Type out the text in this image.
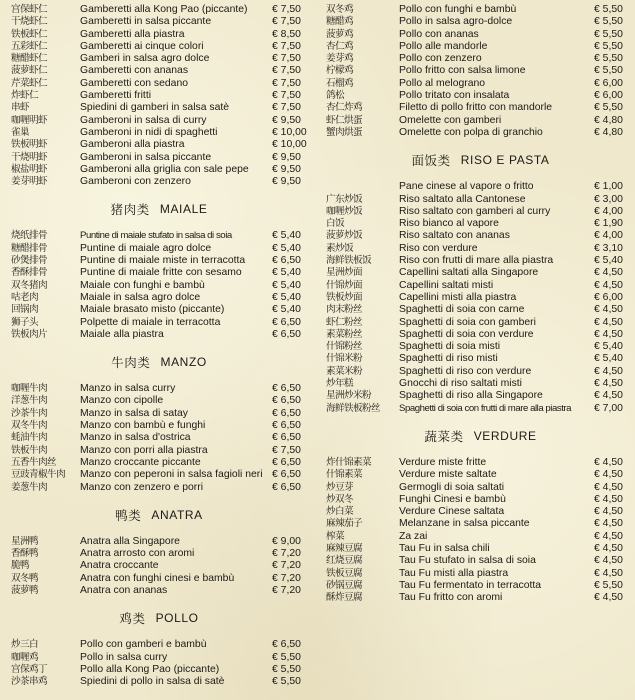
宫保虾仁	Gamberetti alla Kong Pao (piccante) € 7,50
干烧虾仁	Gamberetti in salsa piccante	€ 7,50
铁板虾仁	Gamberetti alla piastra	€ 8,50
五彩虾仁	Gamberetti ai cinque colori	€ 7,50
糖醋虾仁	Gamberi in salsa agro dolce	€ 7,50
菠萝虾仁	Gamberetti con ananas	€ 7,50
芹菜虾仁	Gamberetti con sedano	€ 7,50
炸虾仁	Gamberetti fritti	€ 7,50
串虾	Spiedini di gamberi in salsa satè	€ 7,50
咖喱明虾	Gamberoni in salsa di curry	€ 9,50
雀巢	Gamberoni in nidi di spaghetti	€ 10,00
铁板明虾	Gamberoni alla piastra	€ 10,00
干烧明虾	Gamberoni in salsa piccante	€ 9,50
椒盐明虾	Gamberoni alla griglia con sale pepe € 9,50
姜芽明虾	Gamberoni con zenzero	€ 9,50
猪肉类 MAIALE
烧纸排骨	Puntine di maiale stufato in salsa di soia	€ 5,40
糖醋排骨	Puntine di maiale agro dolce	€ 5,40
砂煲排骨	Puntine di maiale miste in terracotta	€ 6,50
香酥排骨	Puntine di maiale fritte con sesamo	€ 5,40
双冬猪肉	Maiale con funghi e bambù	€ 5,40
咕老肉	Maiale in salsa agro dolce	€ 5,40
回锅肉	Maiale brasato misto (piccante)	€ 5,40
狮子头	Polpette di maiale in terracotta	€ 6,50
铁板肉片	Maiale alla piastra	€ 6,50
牛肉类 MANZO
咖喱牛肉	Manzo in salsa curry	€ 6,50
洋葱牛肉	Manzo con cipolle	€ 6,50
沙茶牛肉	Manzo in salsa di satay	€ 6,50
双冬牛肉	Manzo con bambù e funghi	€ 6,50
蚝油牛肉	Manzo in salsa d'ostrica	€ 6,50
铁板牛肉	Manzo con porri alla piastra	€ 7,50
五香牛肉丝 Manzo croccante piccante	€ 6,50
豆豉青椒牛肉 Manzo con peperoni in salsa fagioli neri € 6,50
姜葱牛肉	Manzo con zenzero e porri	€ 6,50
鸭类 ANATRA
星洲鸭	Anatra alla Singapore	€ 9,00
香酥鸭	Anatra arrosto con aromi	€ 7,20
脆鸭	Anatra croccante	€ 7,20
双冬鸭	Anatra con funghi cinesi e bambù	€ 7,20
菠萝鸭	Anatra con ananas	€ 7,20
鸡类 POLLO
炒三白	Pollo con gamberi e bambù	€ 6,50
咖喱鸡	Pollo in salsa curry	€ 5,50
宫保鸡丁	Pollo alla Kong Pao (piccante)	€ 5,50
沙茶串鸡	Spiedini di pollo in salsa di satè	€ 5,50
双冬鸡	Pollo con funghi e bambù	€ 5,50
糖醋鸡	Pollo in salsa agro-dolce	€ 5,50
菠萝鸡	Pollo con ananas	€ 5,50
杏仁鸡	Pollo alle mandorle	€ 5,50
姜芽鸡	Pollo con zenzero	€ 5,50
柠檬鸡	Pollo fritto con salsa limone	€ 5,50
石榴鸡	Pollo al melograno	€ 6,00
鸽松	Pollo tritato con insalata	€ 6,00
杏仁炸鸡	Filetto di pollo fritto con mandorle	€ 5,50
虾仁烘蛋	Omelette con gamberi	€ 4,80
蟹肉烘蛋	Omelette con polpa di granchio	€ 4,80
面饭类 RISO E PASTA
Pane cinese al vapore o fritto	€ 1,00
广东炒饭	Riso saltato alla Cantonese	€ 3,00
咖喱炒饭	Riso saltato con gamberi al curry	€ 4,00
白饭	Riso bianco al vapore	€ 1,90
菠萝炒饭	Riso saltato con ananas	€ 4,00
素炒饭	Riso con verdure	€ 3,10
海鲜铁板饭	Riso con frutti di mare alla piastra	€ 5,40
星洲炒面	Capellini saltati alla Singapore	€ 4,50
什锦炒面	Capellini saltati misti	€ 4,50
铁板炒面	Capellini misti alla piastra	€ 6,00
肉末粉丝	Spaghetti di soia con carne	€ 4,50
虾仁粉丝	Spaghetti di soia con gamberi	€ 4,50
素菜粉丝	Spaghetti di soia con verdure	€ 4,50
什锦粉丝	Spaghetti di soia misti	€ 5,40
什锦米粉	Spaghetti di riso misti	€ 5,40
素菜米粉	Spaghetti di riso con verdure	€ 4,50
炒年糕	Gnocchi di riso saltati misti	€ 4,50
星洲炒米粉	Spaghetti di riso alla Singapore	€ 4,50
海鲜铁板粉丝 Spaghetti di soia con frutti di mare alla piastra € 7,00
蔬菜类 VERDURE
炸什锦素菜	Verdure miste fritte	€ 4,50
什锦素菜	Verdure miste saltate	€ 4,50
炒豆芽	Germogli di soia saltati	€ 4,50
炒双冬	Funghi Cinesi e bambù	€ 4,50
炒白菜	Verdure Cinese saltata	€ 4,50
麻辣茄子	Melanzane in salsa piccante	€ 4,50
榨菜	Za zai	€ 4,50
麻辣豆腐	Tau Fu in salsa chili	€ 4,50
红烧豆腐	Tau Fu stufato in salsa di soia	€ 4,50
铁板豆腐	Tau Fu misti alla piastra	€ 4,50
砂锅豆腐	Tau Fu fermentato in terracotta	€ 5,50
酥炸豆腐	Tau Fu fritto con aromi	€ 4,50
